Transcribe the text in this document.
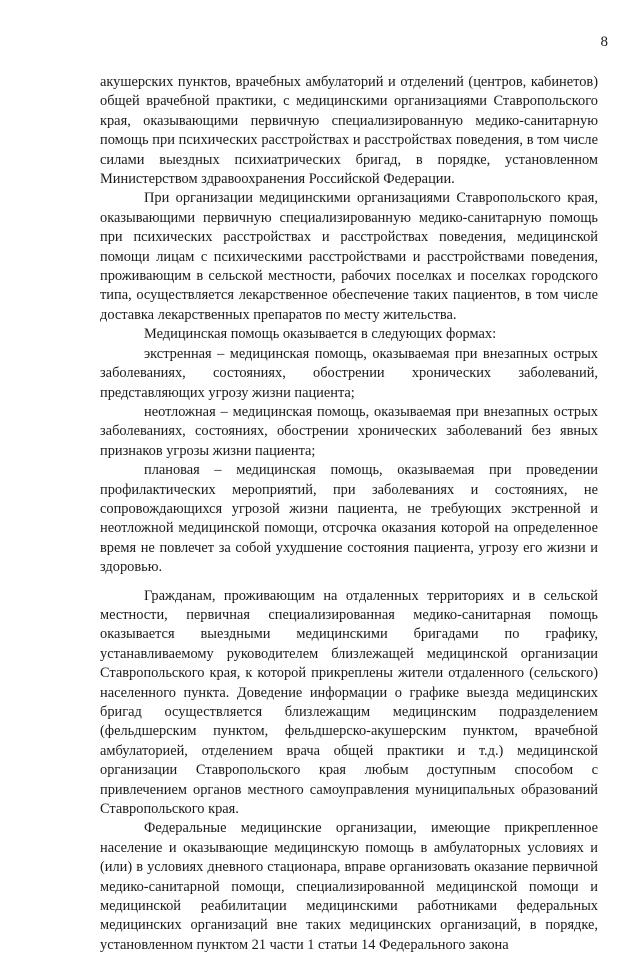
8

акушерских пунктов, врачебных амбулаторий и отделений (центров, кабинетов) общей врачебной практики, с медицинскими организациями Ставропольского края, оказывающими первичную специализированную медико-санитарную помощь при психических расстройствах и расстройствах поведения, в том числе силами выездных психиатрических бригад, в порядке, установленном Министерством здравоохранения Российской Федерации.

При организации медицинскими организациями Ставропольского края, оказывающими первичную специализированную медико-санитарную помощь при психических расстройствах и расстройствах поведения, медицинской помощи лицам с психическими расстройствами и расстройствами поведения, проживающим в сельской местности, рабочих поселках и поселках городского типа, осуществляется лекарственное обеспечение таких пациентов, в том числе доставка лекарственных препаратов по месту жительства.

Медицинская помощь оказывается в следующих формах:

экстренная – медицинская помощь, оказываемая при внезапных острых заболеваниях, состояниях, обострении хронических заболеваний, представляющих угрозу жизни пациента;

неотложная – медицинская помощь, оказываемая при внезапных острых заболеваниях, состояниях, обострении хронических заболеваний без явных признаков угрозы жизни пациента;

плановая – медицинская помощь, оказываемая при проведении профилактических мероприятий, при заболеваниях и состояниях, не сопровождающихся угрозой жизни пациента, не требующих экстренной и неотложной медицинской помощи, отсрочка оказания которой на определенное время не повлечет за собой ухудшение состояния пациента, угрозу его жизни и здоровью.

Гражданам, проживающим на отдаленных территориях и в сельской местности, первичная специализированная медико-санитарная помощь оказывается выездными медицинскими бригадами по графику, устанавливаемому руководителем близлежащей медицинской организации Ставропольского края, к которой прикреплены жители отдаленного (сельского) населенного пункта. Доведение информации о графике выезда медицинских бригад осуществляется близлежащим медицинским подразделением (фельдшерским пунктом, фельдшерско-акушерским пунктом, врачебной амбулаторией, отделением врача общей практики и т.д.) медицинской организации Ставропольского края любым доступным способом с привлечением органов местного самоуправления муниципальных образований Ставропольского края.

Федеральные медицинские организации, имеющие прикрепленное население и оказывающие медицинскую помощь в амбулаторных условиях и (или) в условиях дневного стационара, вправе организовать оказание первичной медико-санитарной помощи, специализированной медицинской помощи и медицинской реабилитации медицинскими работниками федеральных медицинских организаций вне таких медицинских организаций, в порядке, установленном пунктом 21 части 1 статьи 14 Федерального закона
